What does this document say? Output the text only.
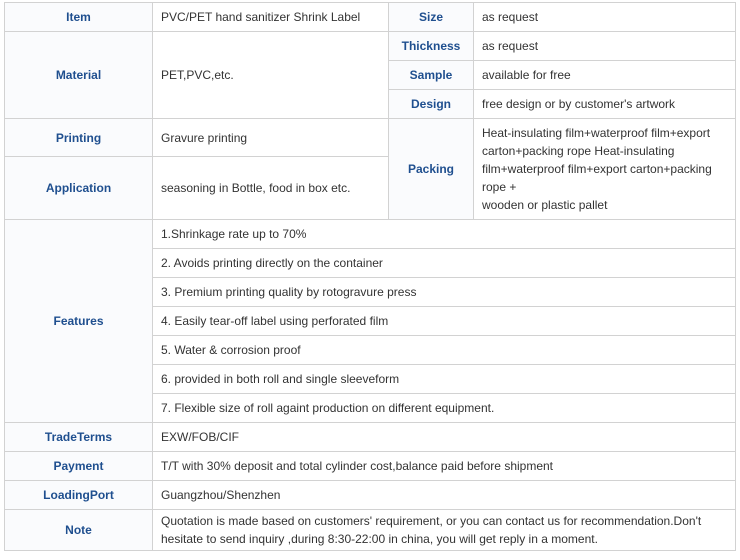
Item	PVC/PET hand sanitizer Shrink Label	Size	as request
Material	PET,PVC,etc.	Thickness	as request
		Sample	available for free
		Design	free design or by customer's artwork
Printing	Gravure printing	Packing	Heat-insulating film+waterproof film+export carton+packing rope Heat-insulating film+waterproof film+export carton+packing rope +
wooden or plastic pallet
Application	seasoning in Bottle, food in box etc.		
Features	1.Shrinkage rate up to 70%		
	2. Avoids printing directly on the container		
	3. Premium printing quality by rotogravure press		
	4. Easily tear-off label using perforated film		
	5. Water & corrosion proof		
	6. provided in both roll and single sleeveform		
	7. Flexible size of roll againt production on different equipment.		
TradeTerms	EXW/FOB/CIF		
Payment	T/T with 30% deposit and total cylinder cost,balance paid before shipment		
LoadingPort	Guangzhou/Shenzhen		
Note	Quotation is made based on customers' requirement, or you can contact us for recommendation.Don't hesitate to send inquiry ,during 8:30-22:00 in china, you will get reply in a moment.		
